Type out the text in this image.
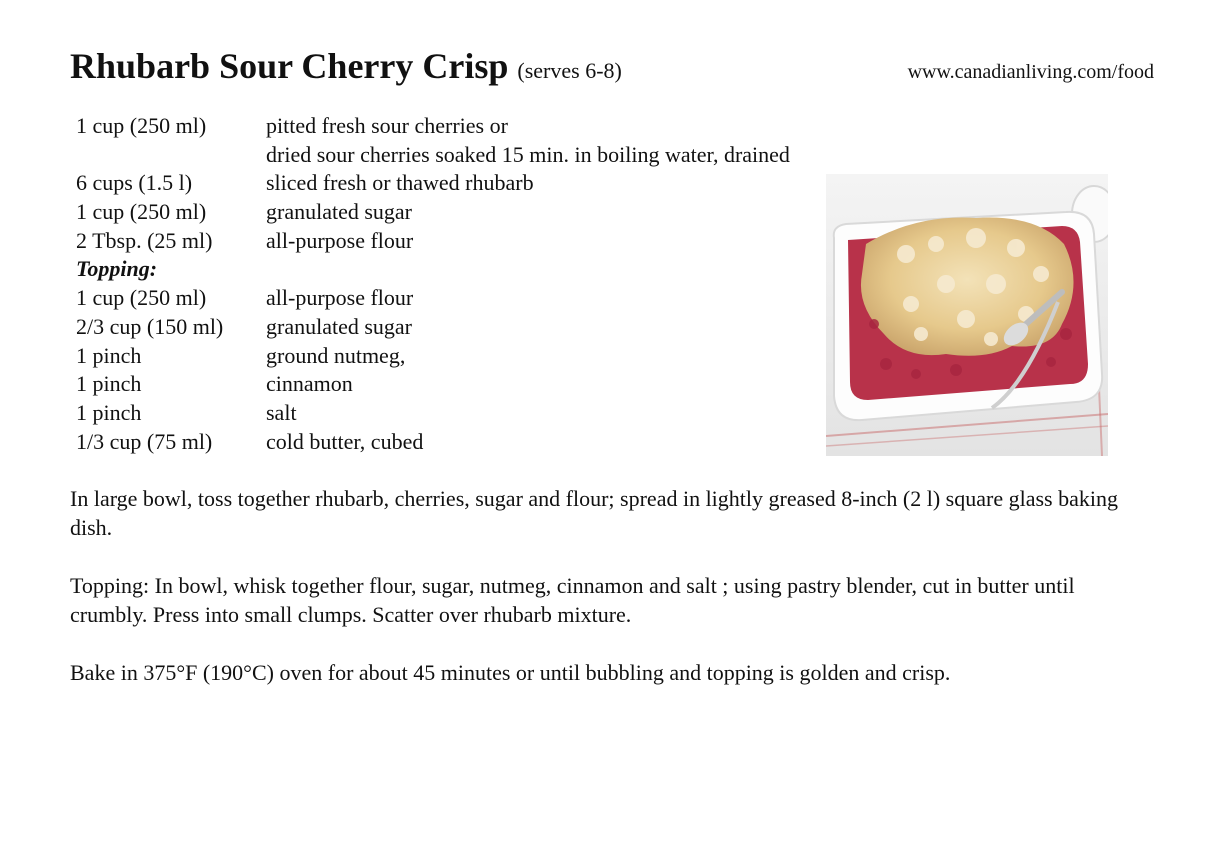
Rhubarb Sour Cherry Crisp (serves 6-8)	www.canadianliving.com/food
1 cup (250 ml)	pitted fresh sour cherries or
dried sour cherries soaked 15 min. in boiling water, drained
6 cups (1.5 l)	sliced fresh or thawed rhubarb
1 cup (250 ml)	granulated sugar
2 Tbsp. (25 ml) all-purpose flour
Topping:
1 cup (250 ml)	all-purpose flour
2/3 cup (150 ml) granulated sugar
1 pinch	ground nutmeg,
1 pinch	cinnamon
1 pinch	salt
1/3 cup (75 ml) cold butter, cubed

In large bowl, toss together rhubarb, cherries, sugar and flour; spread in lightly greased 8-inch (2 l) square glass baking dish.

Topping: In bowl, whisk together flour, sugar, nutmeg, cinnamon and salt ; using pastry blender, cut in butter until crumbly. Press into small clumps. Scatter over rhubarb mixture.

Bake in 375°F (190°C) oven for about 45 minutes or until bubbling and topping is golden and crisp.
